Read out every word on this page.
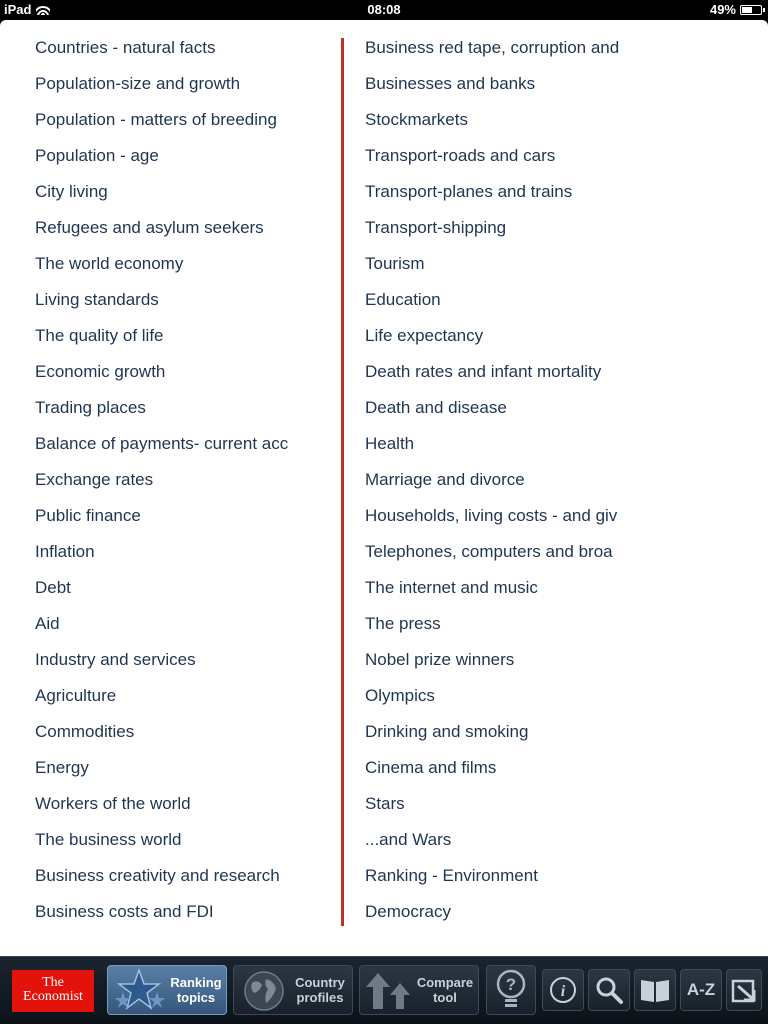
iPad	08:08	49%
Countries - natural facts
Population-size and growth
Population - matters of breeding
Population - age
City living
Refugees and asylum seekers
The world economy
Living standards
The quality of life
Economic growth
Trading places
Balance of payments- current acc
Exchange rates
Public finance
Inflation
Debt
Aid
Industry and services
Agriculture
Commodities
Energy
Workers of the world
The business world
Business creativity and research
Business costs and FDI
Business red tape, corruption and
Businesses and banks
Stockmarkets
Transport-roads and cars
Transport-planes and trains
Transport-shipping
Tourism
Education
Life expectancy
Death rates and infant mortality
Death and disease
Health
Marriage and divorce
Households, living costs - and giv
Telephones, computers and broa
The internet and music
The press
Nobel prize winners
Olympics
Drinking and smoking
Cinema and films
Stars
...and Wars
Ranking - Environment
Democracy
The
Economist
Ranking
topics
Country
profiles
Compare
tool
?	i	A-Z
